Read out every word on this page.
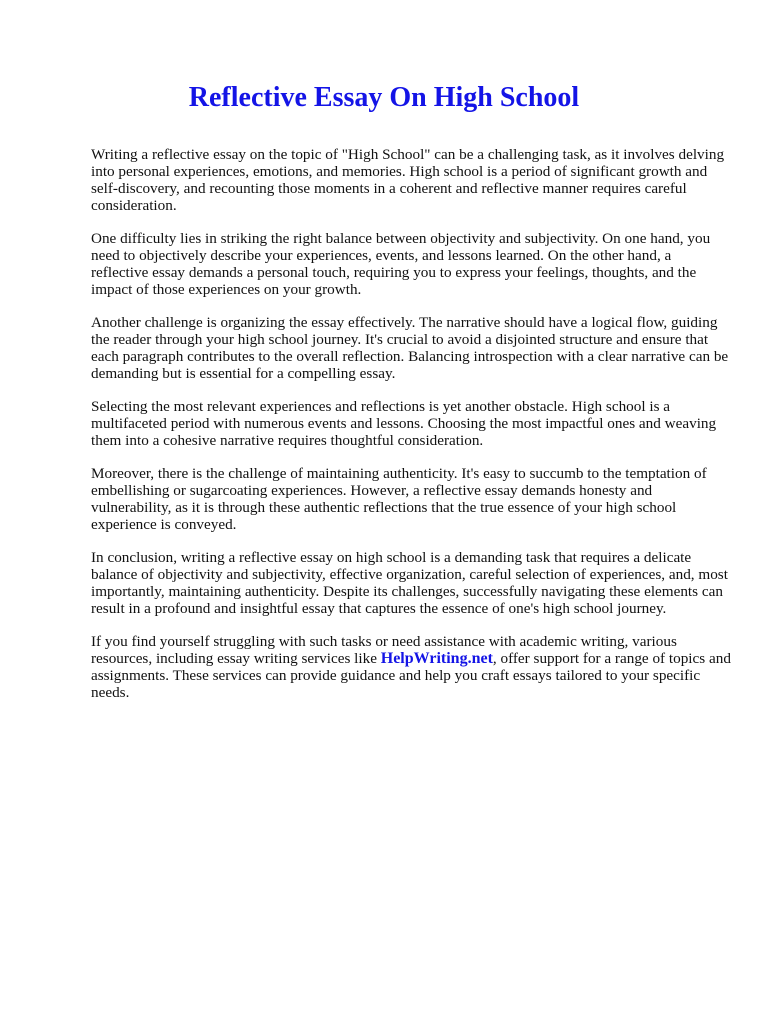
Reflective Essay On High School

Writing a reflective essay on the topic of "High School" can be a challenging task, as it involves delving into personal experiences, emotions, and memories. High school is a period of significant growth and self-discovery, and recounting those moments in a coherent and reflective manner requires careful consideration.

One difficulty lies in striking the right balance between objectivity and subjectivity. On one hand, you need to objectively describe your experiences, events, and lessons learned. On the other hand, a reflective essay demands a personal touch, requiring you to express your feelings, thoughts, and the impact of those experiences on your growth.

Another challenge is organizing the essay effectively. The narrative should have a logical flow, guiding the reader through your high school journey. It's crucial to avoid a disjointed structure and ensure that each paragraph contributes to the overall reflection. Balancing introspection with a clear narrative can be demanding but is essential for a compelling essay.

Selecting the most relevant experiences and reflections is yet another obstacle. High school is a multifaceted period with numerous events and lessons. Choosing the most impactful ones and weaving them into a cohesive narrative requires thoughtful consideration.

Moreover, there is the challenge of maintaining authenticity. It's easy to succumb to the temptation of embellishing or sugarcoating experiences. However, a reflective essay demands honesty and vulnerability, as it is through these authentic reflections that the true essence of your high school experience is conveyed.

In conclusion, writing a reflective essay on high school is a demanding task that requires a delicate balance of objectivity and subjectivity, effective organization, careful selection of experiences, and, most importantly, maintaining authenticity. Despite its challenges, successfully navigating these elements can result in a profound and insightful essay that captures the essence of one's high school journey.

If you find yourself struggling with such tasks or need assistance with academic writing, various resources, including essay writing services like HelpWriting.net, offer support for a range of topics and assignments. These services can provide guidance and help you craft essays tailored to your specific needs.
